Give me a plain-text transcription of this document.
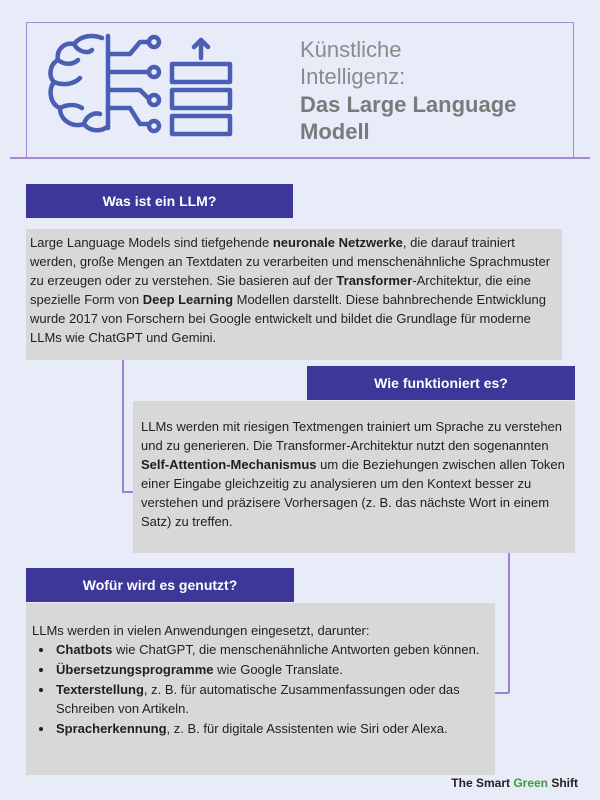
Künstliche
Intelligenz:
Das Large Language
Modell
Was ist ein LLM?

Large Language Models sind tiefgehende neuronale Netzwerke, die darauf trainiert werden, große Mengen an Textdaten zu verarbeiten und menschenähnliche Sprachmuster zu erzeugen oder zu verstehen. Sie basieren auf der Transformer-Architektur, die eine spezielle Form von Deep Learning Modellen darstellt. Diese bahnbrechende Entwicklung wurde 2017 von Forschern bei Google entwickelt und bildet die Grundlage für moderne LLMs wie ChatGPT und Gemini.

Wie funktioniert es?

LLMs werden mit riesigen Textmengen trainiert um Sprache zu verstehen und zu generieren. Die Transformer-Architektur nutzt den sogenannten Self-Attention-Mechanismus um die Beziehungen zwischen allen Token einer Eingabe gleichzeitig zu analysieren um den Kontext besser zu verstehen und präzisere Vorhersagen (z. B. das nächste Wort in einem Satz) zu treffen.

Wofür wird es genutzt?

LLMs werden in vielen Anwendungen eingesetzt, darunter:

• Chatbots wie ChatGPT, die menschenähnliche Antworten geben können.
• Übersetzungsprogramme wie Google Translate.
• Texterstellung, z. B. für automatische Zusammenfassungen oder das Schreiben von Artikeln.
• Spracherkennung, z. B. für digitale Assistenten wie Siri oder Alexa.
The Smart Green Shift
